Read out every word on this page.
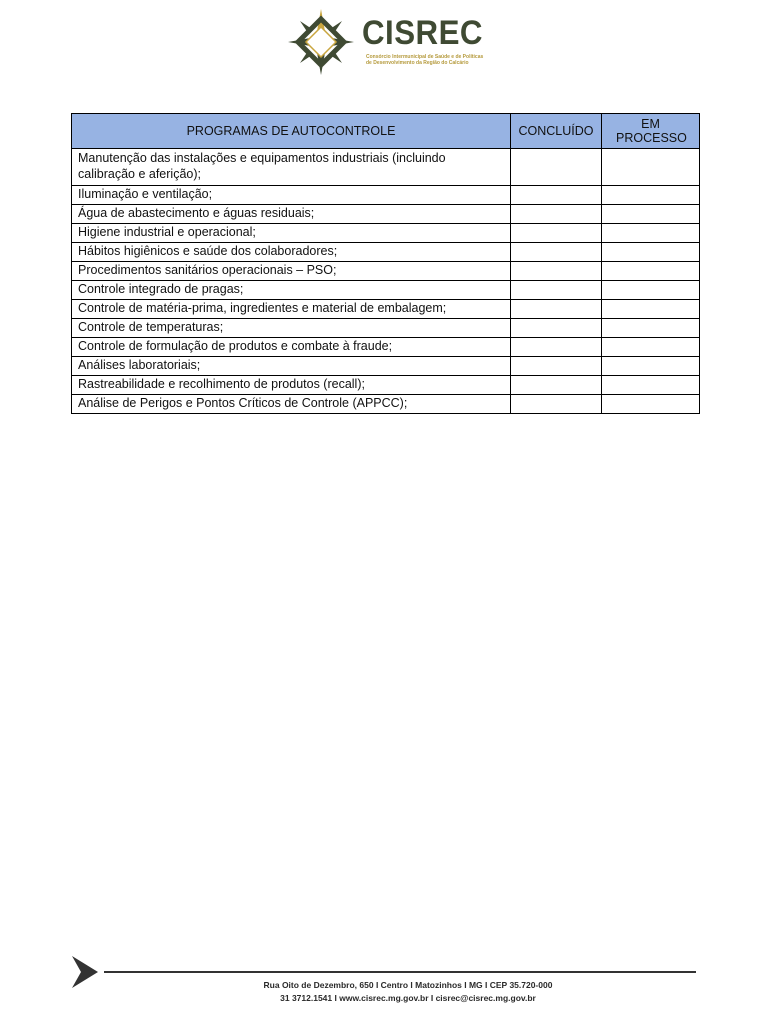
CISREC
Consórcio Intermunicipal de Saúde e de Políticas de Desenvolvimento da Região do Calcário
PROGRAMAS DE AUTOCONTROLE	CONCLUÍDO	EM PROCESSO
Manutenção das instalações e equipamentos industriais (incluindo calibração e aferição);		
Iluminação e ventilação;		
Água de abastecimento e águas residuais;		
Higiene industrial e operacional;		
Hábitos higiênicos e saúde dos colaboradores;		
Procedimentos sanitários operacionais – PSO;		
Controle integrado de pragas;		
Controle de matéria-prima, ingredientes e material de embalagem;		
Controle de temperaturas;		
Controle de formulação de produtos e combate à fraude;		
Análises laboratoriais;		
Rastreabilidade e recolhimento de produtos (recall);		
Análise de Perigos e Pontos Críticos de Controle (APPCC);		
Rua Oito de Dezembro, 650 I Centro I Matozinhos I MG I CEP 35.720-000
31 3712.1541 I www.cisrec.mg.gov.br I cisrec@cisrec.mg.gov.br
